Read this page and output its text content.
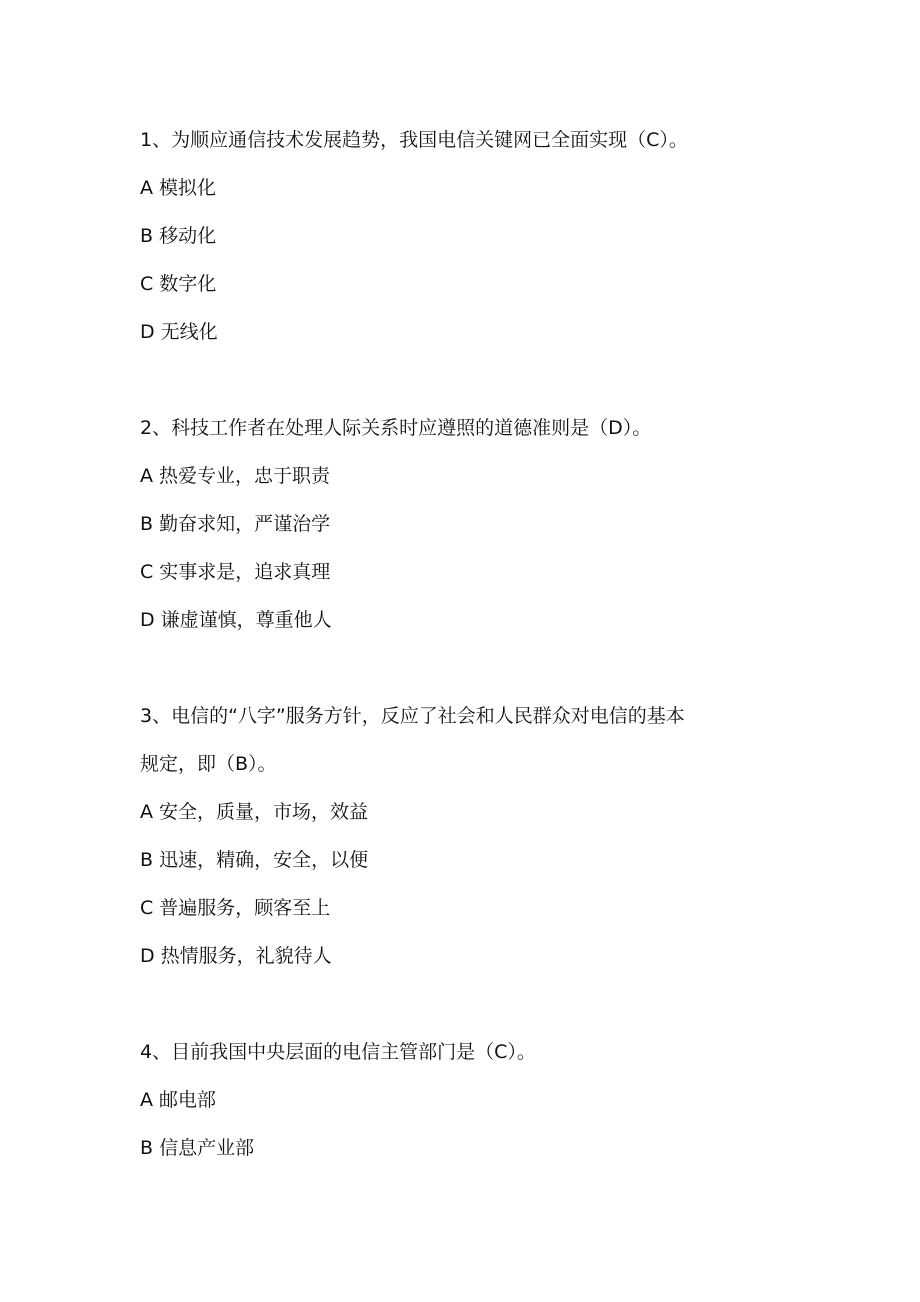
1、为顺应通信技术发展趋势，我国电信关键网已全面实现（C）。
A 模拟化
B 移动化
C 数字化
D 无线化
2、科技工作者在处理人际关系时应遵照的道德准则是（D）。
A 热爱专业，忠于职责
B 勤奋求知，严谨治学
C 实事求是，追求真理
D 谦虚谨慎，尊重他人
3、电信的“八字”服务方针，反应了社会和人民群众对电信的基本
规定，即（B）。
A 安全，质量，市场，效益
B 迅速，精确，安全，以便
C 普遍服务，顾客至上
D 热情服务，礼貌待人
4、目前我国中央层面的电信主管部门是（C）。
A 邮电部
B 信息产业部
